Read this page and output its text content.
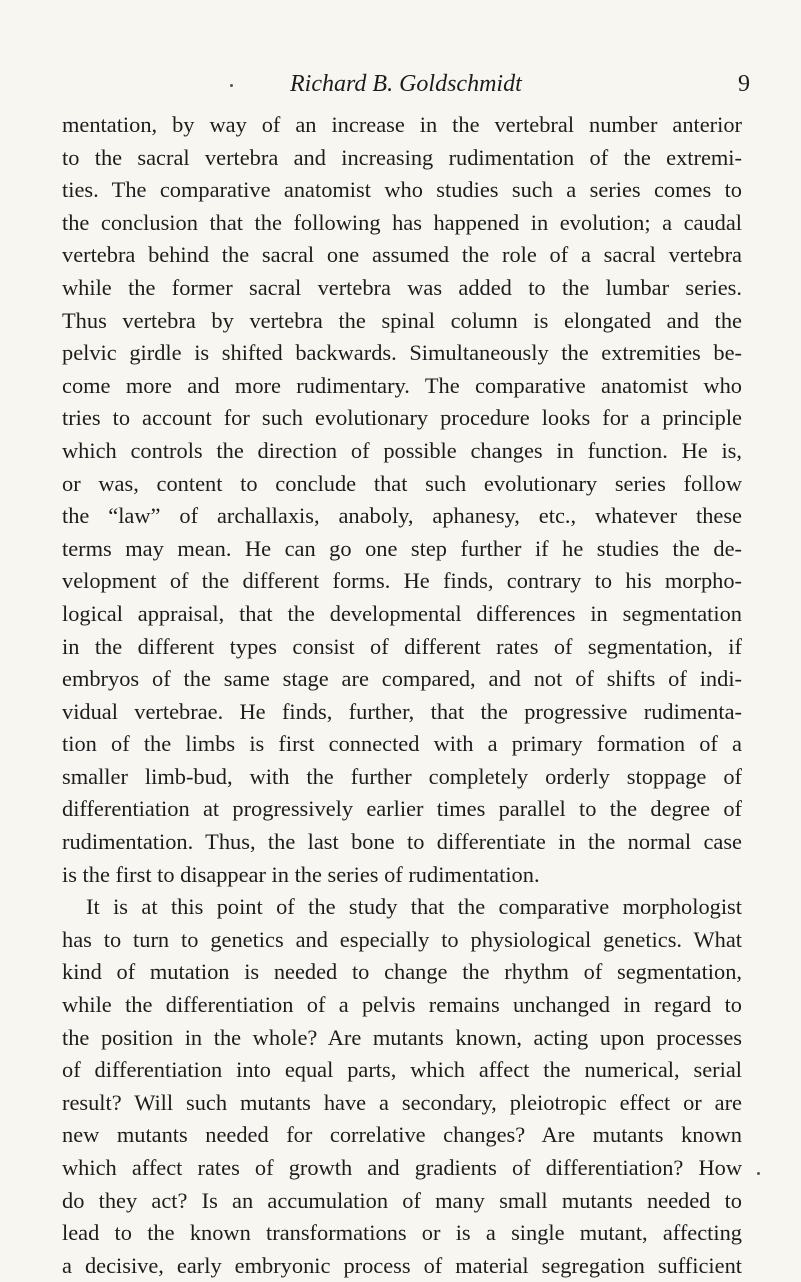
Richard B. Goldschmidt	9
mentation, by way of an increase in the vertebral number anterior
to the sacral vertebra and increasing rudimentation of the extremi-
ties. The comparative anatomist who studies such a series comes to
the conclusion that the following has happened in evolution; a caudal
vertebra behind the sacral one assumed the role of a sacral vertebra
while the former sacral vertebra was added to the lumbar series.
Thus vertebra by vertebra the spinal column is elongated and the
pelvic girdle is shifted backwards. Simultaneously the extremities be-
come more and more rudimentary. The comparative anatomist who
tries to account for such evolutionary procedure looks for a principle
which controls the direction of possible changes in function. He is,
or was, content to conclude that such evolutionary series follow
the “law” of archallaxis, anaboly, aphanesy, etc., whatever these
terms may mean. He can go one step further if he studies the de-
velopment of the different forms. He finds, contrary to his morpho-
logical appraisal, that the developmental differences in segmentation
in the different types consist of different rates of segmentation, if
embryos of the same stage are compared, and not of shifts of indi-
vidual vertebrae. He finds, further, that the progressive rudimenta-
tion of the limbs is first connected with a primary formation of a
smaller limb-bud, with the further completely orderly stoppage of
differentiation at progressively earlier times parallel to the degree of
rudimentation. Thus, the last bone to differentiate in the normal case
is the first to disappear in the series of rudimentation.
It is at this point of the study that the comparative morphologist
has to turn to genetics and especially to physiological genetics. What
kind of mutation is needed to change the rhythm of segmentation,
while the differentiation of a pelvis remains unchanged in regard to
the position in the whole? Are mutants known, acting upon processes
of differentiation into equal parts, which affect the numerical, serial
result? Will such mutants have a secondary, pleiotropic effect or are
new mutants needed for correlative changes? Are mutants known
which affect rates of growth and gradients of differentiation? How
do they act? Is an accumulation of many small mutants needed to
lead to the known transformations or is a single mutant, affecting
a decisive, early embryonic process of material segregation sufficient
